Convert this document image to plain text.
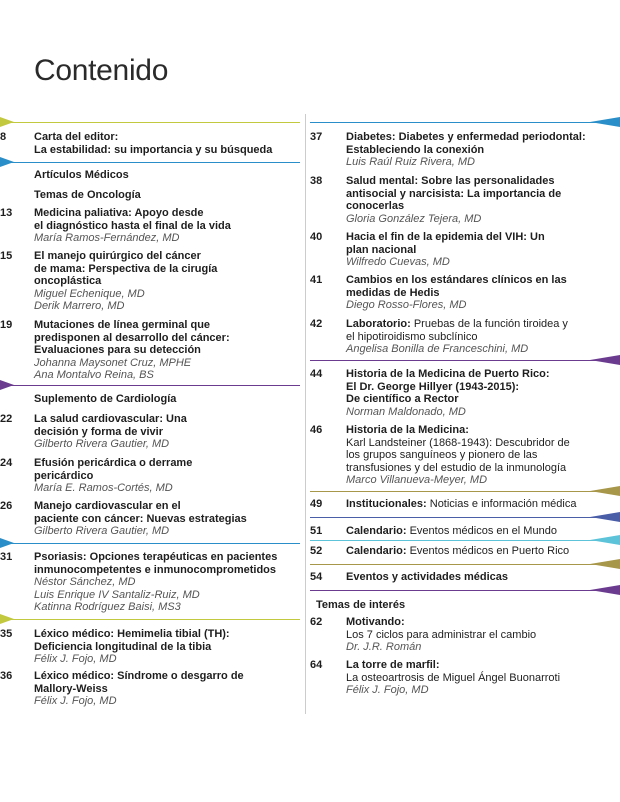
Contenido
8	Carta del editor:
La estabilidad: su importancia y su búsqueda
Artículos Médicos
Temas de Oncología
13	Medicina paliativa: Apoyo desde
el diagnóstico hasta el final de la vida
María Ramos-Fernández, MD
15	El manejo quirúrgico del cáncer
de mama: Perspectiva de la cirugía
oncoplástica
Miguel Echenique, MD
Derik Marrero, MD
19	Mutaciones de línea germinal que
predisponen al desarrollo del cáncer:
Evaluaciones para su detección
Johanna Maysonet Cruz, MPHE
Ana Montalvo Reina, BS
Suplemento de Cardiología
22	La salud cardiovascular: Una
decisión y forma de vivir
Gilberto Rivera Gautier, MD
24	Efusión pericárdica o derrame
pericárdico
María E. Ramos-Cortés, MD
26	Manejo cardiovascular en el
paciente con cáncer: Nuevas estrategias
Gilberto Rivera Gautier, MD
31	Psoriasis: Opciones terapéuticas en pacientes
inmunocompetentes e inmunocomprometidos
Néstor Sánchez, MD
Luis Enrique IV Santaliz-Ruiz, MD
Katinna Rodríguez Baisi, MS3
35	Léxico médico: Hemimelia tibial (TH):
Deficiencia longitudinal de la tibia
Félix J. Fojo, MD
36	Léxico médico: Síndrome o desgarro de
Mallory-Weiss
Félix J. Fojo, MD
37	Diabetes: Diabetes y enfermedad periodontal:
Estableciendo la conexión
Luis Raúl Ruiz Rivera, MD
38	Salud mental: Sobre las personalidades
antisocial y narcisista: La importancia de
conocerlas
Gloria González Tejera, MD
40	Hacia el fin de la epidemia del VIH: Un
plan nacional
Wilfredo Cuevas, MD
41	Cambios en los estándares clínicos en las
medidas de Hedis
Diego Rosso-Flores, MD
42	Laboratorio: Pruebas de la función tiroidea y
el hipotiroidismo subclínico
Angelisa Bonilla de Franceschini, MD
44	Historia de la Medicina de Puerto Rico:
El Dr. George Hillyer (1943-2015):
De científico a Rector
Norman Maldonado, MD
46	Historia de la Medicina:
Karl Landsteiner (1868-1943): Descubridor de
los grupos sanguíneos y pionero de las
transfusiones y del estudio de la inmunología
Marco Villanueva-Meyer, MD
49	Institucionales: Noticias e información médica
51	Calendario: Eventos médicos en el Mundo
52	Calendario: Eventos médicos en Puerto Rico
54	Eventos y actividades médicas
Temas de interés
62	Motivando:
Los 7 ciclos para administrar el cambio
Dr. J.R. Román
64	La torre de marfil:
La osteoartrosis de Miguel Ángel Buonarroti
Félix J. Fojo, MD
